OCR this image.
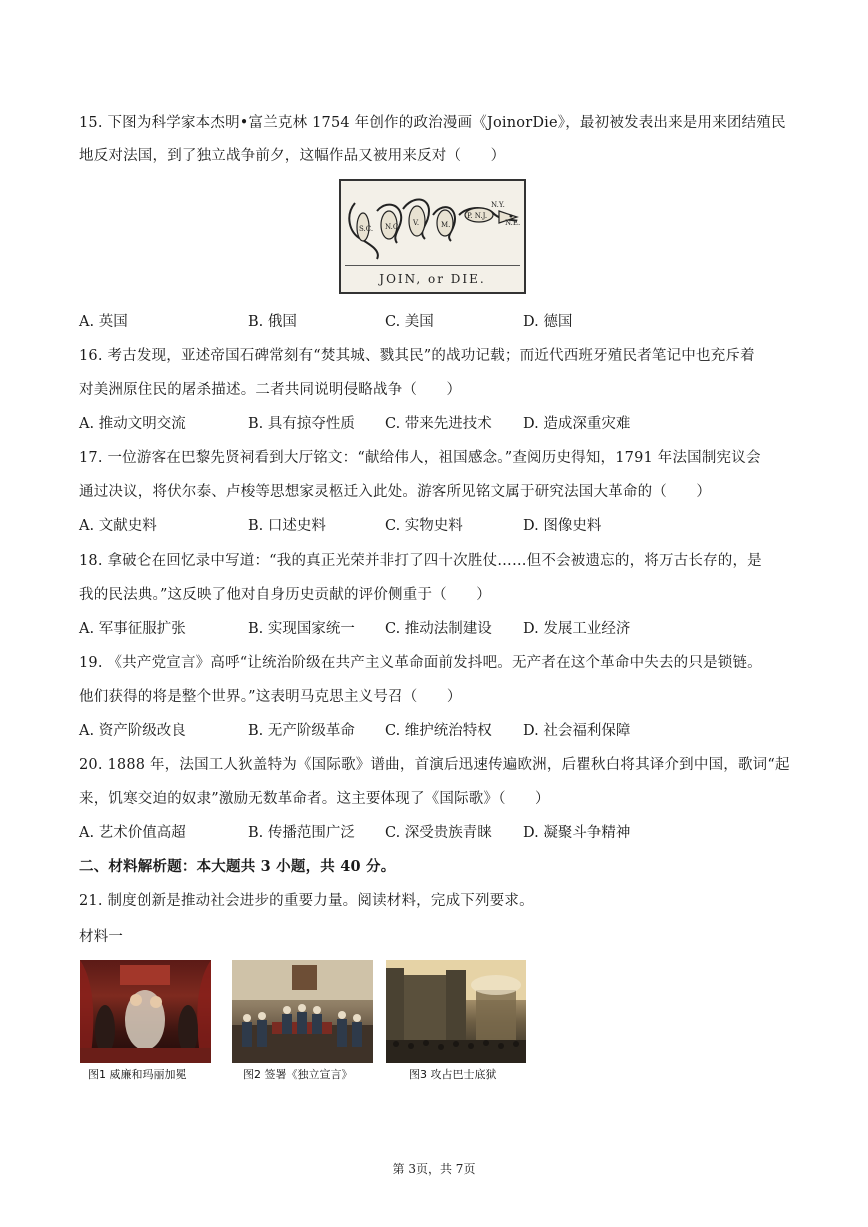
15. 下图为科学家本杰明•富兰克林 1754 年创作的政治漫画《JoinorDie》，最初被发表出来是用来团结殖民
地反对法国，到了独立战争前夕，这幅作品又被用来反对（　　）
S.C. N.C. V.	M.
P. N.J.
N.Y.
N.E.
JOIN, or DIE.
A. 英国	B. 俄国	C. 美国	D. 德国
16. 考古发现，亚述帝国石碑常刻有“焚其城、戮其民”的战功记载；而近代西班牙殖民者笔记中也充斥着
对美洲原住民的屠杀描述。二者共同说明侵略战争（　　）
A. 推动文明交流	B. 具有掠夺性质 C. 带来先进技术 D. 造成深重灾难
17. 一位游客在巴黎先贤祠看到大厅铭文：“献给伟人，祖国感念。”查阅历史得知，1791 年法国制宪议会
通过决议，将伏尔泰、卢梭等思想家灵柩迁入此处。游客所见铭文属于研究法国大革命的（　　）
A. 文献史料	B. 口述史料	C. 实物史料	D. 图像史料
18. 拿破仑在回忆录中写道：“我的真正光荣并非打了四十次胜仗……但不会被遗忘的，将万古长存的，是
我的民法典。”这反映了他对自身历史贡献的评价侧重于（　　）
A. 军事征服扩张	B. 实现国家统一 C. 推动法制建设 D. 发展工业经济
19. 《共产党宣言》高呼“让统治阶级在共产主义革命面前发抖吧。无产者在这个革命中失去的只是锁链。
他们获得的将是整个世界。”这表明马克思主义号召（　　）
A. 资产阶级改良	B. 无产阶级革命 C. 维护统治特权 D. 社会福利保障
20. 1888 年，法国工人狄盖特为《国际歌》谱曲，首演后迅速传遍欧洲，后瞿秋白将其译介到中国，歌词“起
来，饥寒交迫的奴隶”激励无数革命者。这主要体现了《国际歌》（　　）
A. 艺术价值高超	B. 传播范围广泛 C. 深受贵族青睐 D. 凝聚斗争精神
二、材料解析题：本大题共 3 小题，共 40 分。
21. 制度创新是推动社会进步的重要力量。阅读材料，完成下列要求。
材料一
图1 威廉和玛丽加冕	图2 签署《独立宣言》	图3 攻占巴士底狱
第 3页，共 7页
